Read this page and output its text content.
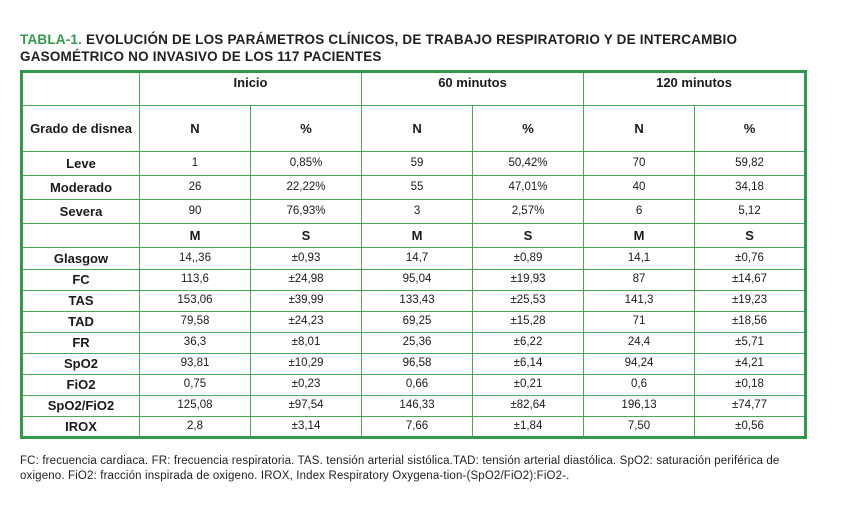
TABLA-1. EVOLUCIÓN DE LOS PARÁMETROS CLÍNICOS, DE TRABAJO RESPIRATORIO Y DE INTERCAMBIO GASOMÉTRICO NO INVASIVO DE LOS 117 PACIENTES
	Inicio		60 minutos		120 minutos	
Grado de disnea	N	%	N	%	N	%
Leve	1	0,85%	59	50,42%	70	59,82
Moderado	26	22,22%	55	47,01%	40	34,18
Severa	90	76,93%	3	2,57%	6	5,12
	M	S	M	S	M	S
Glasgow	14,,36	±0,93	14,7	±0,89	14,1	±0,76
FC	113,6	±24,98	95,04	±19,93	87	±14,67
TAS	153,06	±39,99	133,43	±25,53	141,3	±19,23
TAD	79,58	±24,23	69,25	±15,28	71	±18,56
FR	36,3	±8,01	25,36	±6,22	24,4	±5,71
SpO2	93,81	±10,29	96,58	±6,14	94,24	±4,21
FiO2	0,75	±0,23	0,66	±0,21	0,6	±0,18
SpO2/FiO2	125,08	±97,54	146,33	±82,64	196,13	±74,77
IROX	2,8	±3,14	7,66	±1,84	7,50	±0,56
FC: frecuencia cardiaca. FR: frecuencia respiratoria. TAS. tensión arterial sistólica.TAD: tensión arterial diastólica. SpO2: saturación periférica de oxigeno. FiO2: fracción inspirada de oxigeno. IROX, Index Respiratory Oxygena-tion-(SpO2/FiO2):FiO2-.
